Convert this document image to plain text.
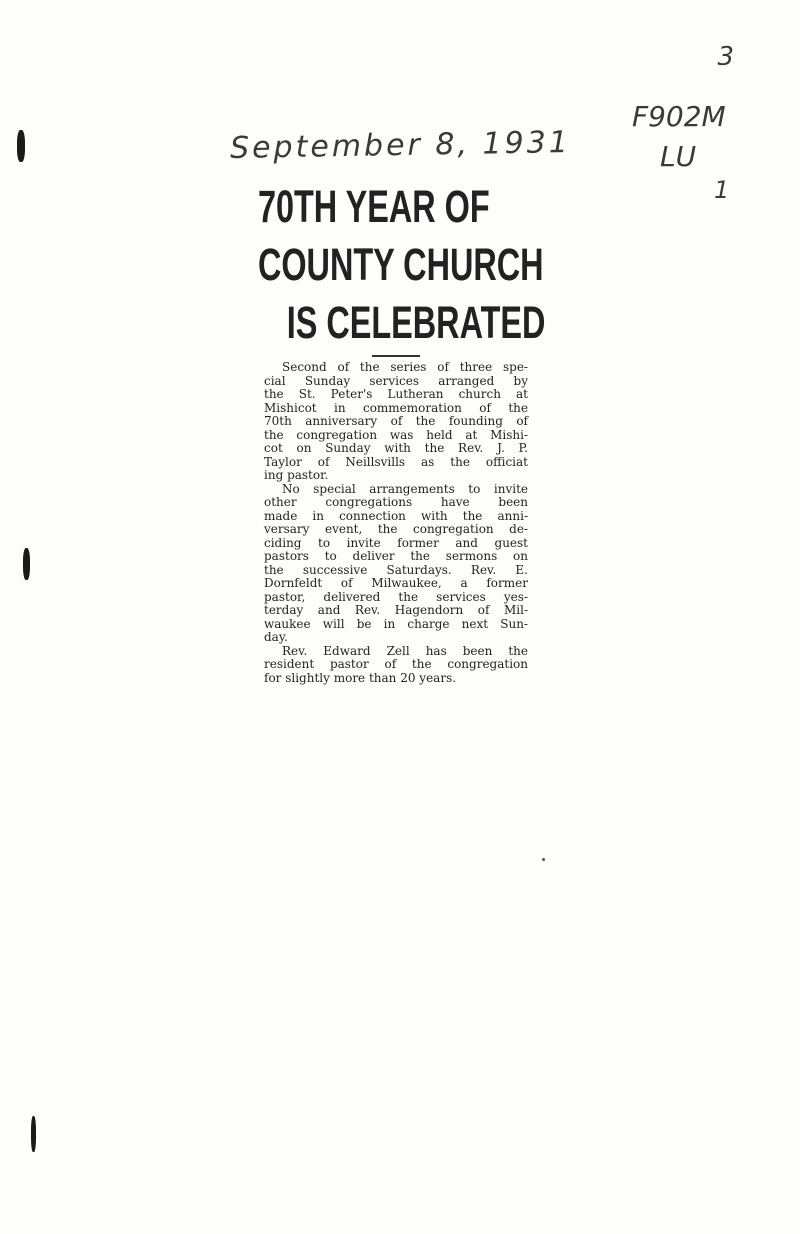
3
September 8, 1931
F902M
LU
1
70TH YEAR OF
COUNTY CHURCH
IS CELEBRATED

Second of the series of three spe-
cial Sunday services arranged by
the St. Peter's Lutheran church at
Mishicot in commemoration of the
70th anniversary of the founding of
the congregation was held at Mishi-
cot on Sunday with the Rev. J. P.
Taylor of Neillsvills as the officiat
ing pastor.

No special arrangements to invite
other congregations have been
made in connection with the anni-
versary event, the congregation de-
ciding to invite former and guest
pastors to deliver the sermons on
the successive Saturdays. Rev. E.
Dornfeldt of Milwaukee, a former
pastor, delivered the services yes-
terday and Rev. Hagendorn of Mil-
waukee will be in charge next Sun-
day.

Rev. Edward Zell has been the
resident pastor of the congregation
for slightly more than 20 years.
